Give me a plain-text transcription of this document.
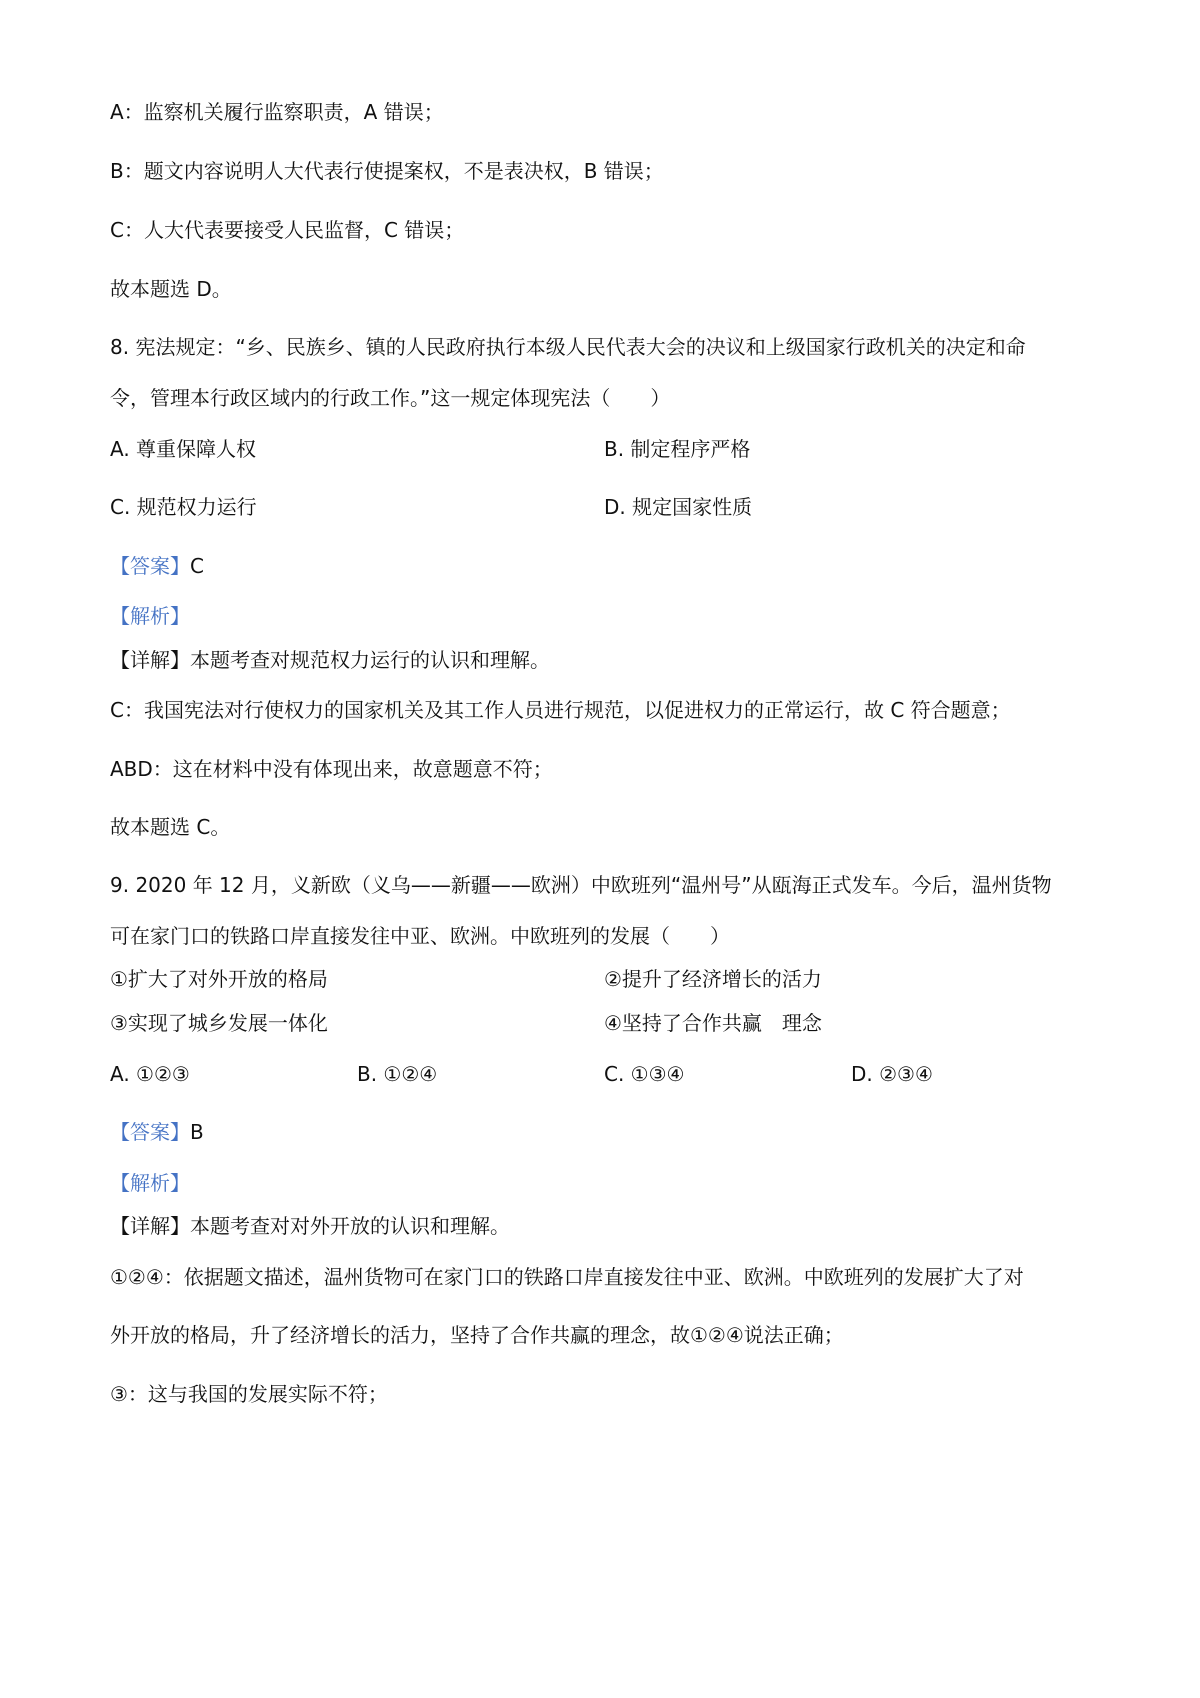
A：监察机关履行监察职责，A 错误；
B：题文内容说明人大代表行使提案权，不是表决权，B 错误；
C：人大代表要接受人民监督，C 错误；
故本题选 D。
8. 宪法规定：“乡、民族乡、镇的人民政府执行本级人民代表大会的决议和上级国家行政机关的决定和命
令，管理本行政区域内的行政工作。”这一规定体现宪法（　　）
A. 尊重保障人权	B. 制定程序严格
C. 规范权力运行	D. 规定国家性质
【答案】C
【解析】
【详解】本题考查对规范权力运行的认识和理解。
C：我国宪法对行使权力的国家机关及其工作人员进行规范，以促进权力的正常运行，故 C 符合题意；
ABD：这在材料中没有体现出来，故意题意不符；
故本题选 C。
9. 2020 年 12 月，义新欧（义乌——新疆——欧洲）中欧班列“温州号”从瓯海正式发车。今后，温州货物
可在家门口的铁路口岸直接发往中亚、欧洲。中欧班列的发展（　　）
①扩大了对外开放的格局	②提升了经济增长的活力
③实现了城乡发展一体化	④坚持了合作共赢　理念
A. ①②③	B. ①②④	C. ①③④	D. ②③④
【答案】B
【解析】
【详解】本题考查对对外开放的认识和理解。
①②④：依据题文描述，温州货物可在家门口的铁路口岸直接发往中亚、欧洲。中欧班列的发展扩大了对
外开放的格局，升了经济增长的活力，坚持了合作共赢的理念，故①②④说法正确；
③：这与我国的发展实际不符；
